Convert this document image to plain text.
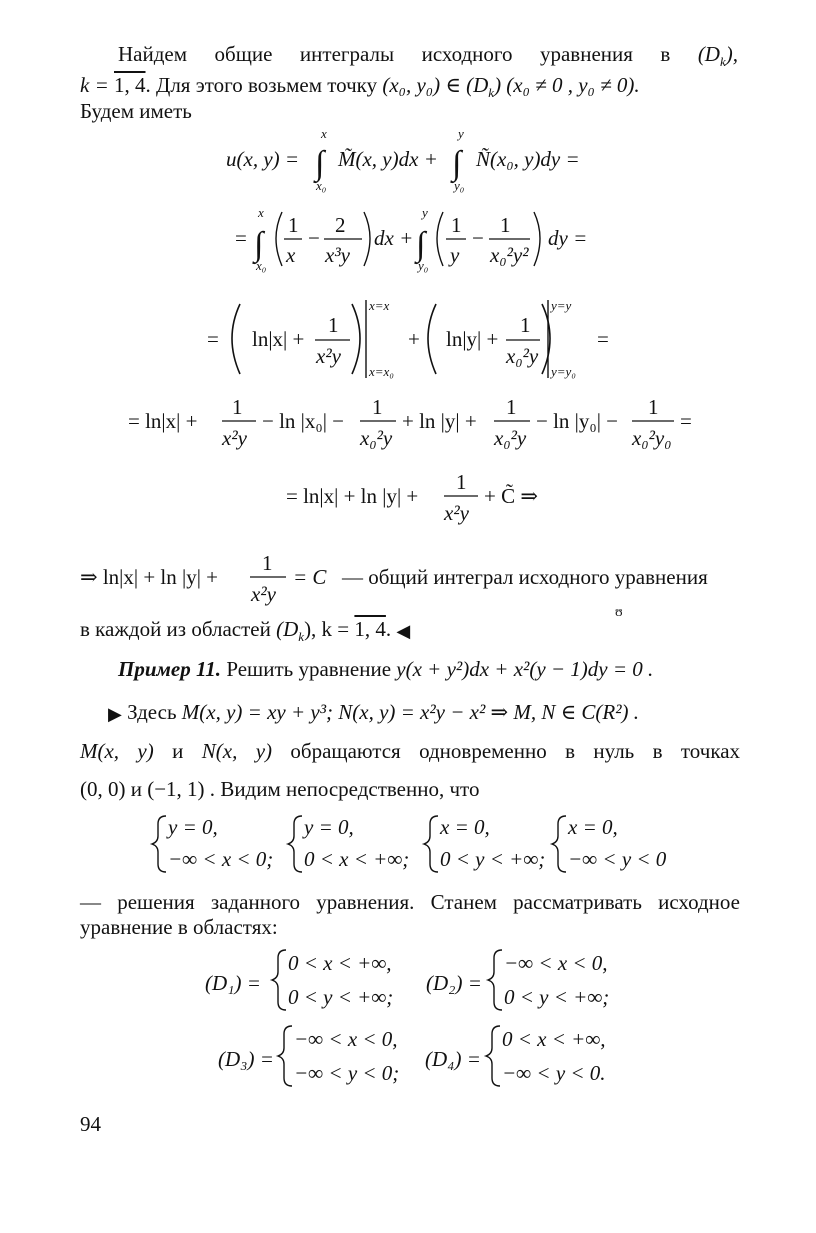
Найдем общие интегралы исходного уравнения в $(D_k)$,
k = 1, 4. Для этого возьмем точку (x₀, y₀) ∈ $(D_k) (x_0 \ne 0$ , y₀ ≠ 0).
Будем иметь
u(x, y) = ∫
x
x₀
M̃(x, y)dx + ∫
y
y₀
Ñ(x₀, y)dy =
= ∫
x
x₀
1
x
−
2
x³y
dx + ∫
y
y₀
1
y
−
1
x₀²y²
dy =
= ln|x| +
1
x²y
x=x
x=x₀
+ ln|y| +
1
x₀²y
y=y
y=y₀
=
= ln|x| +
1
x²y
− ln |x₀| −
1
x₀²y
+ ln |y| +
1
x₀²y
− ln |y₀| −
1
x₀²y₀
=
= ln|x| + ln |y| +
1
x²y
+ C̃ ⇒
⇒ ln|x| + ln |y| +
1
x²y
= C — общий интеграл исходного уравнения
ʊ
в каждой из областей $(D_k)$, k = 1, 4. ◀
Пример 11. Решить уравнение y(x + y²)dx + x²(y − 1)dy = 0 .
▶ Здесь M(x, y) = xy + y³; N(x, y) = x²y − x² ⇒ M, N ∈ C(R²) .
M(x, y) и N(x, y) обращаются одновременно в нуль в точках
(0, 0) и (−1, 1) . Видим непосредственно, что
y = 0,
−∞ < x < 0;
y = 0,
0 < x < +∞;
x = 0,
0 < y < +∞;
x = 0,
−∞ < y < 0
— решения заданного уравнения. Станем рассматривать исходное
уравнение в областях:
(D₁) =
0 < x < +∞,
0 < y < +∞;
(D₂) =
−∞ < x < 0,
0 < y < +∞;
(D₃) =
−∞ < x < 0,
−∞ < y < 0;
(D₄) =
0 < x < +∞,
−∞ < y < 0.
94
